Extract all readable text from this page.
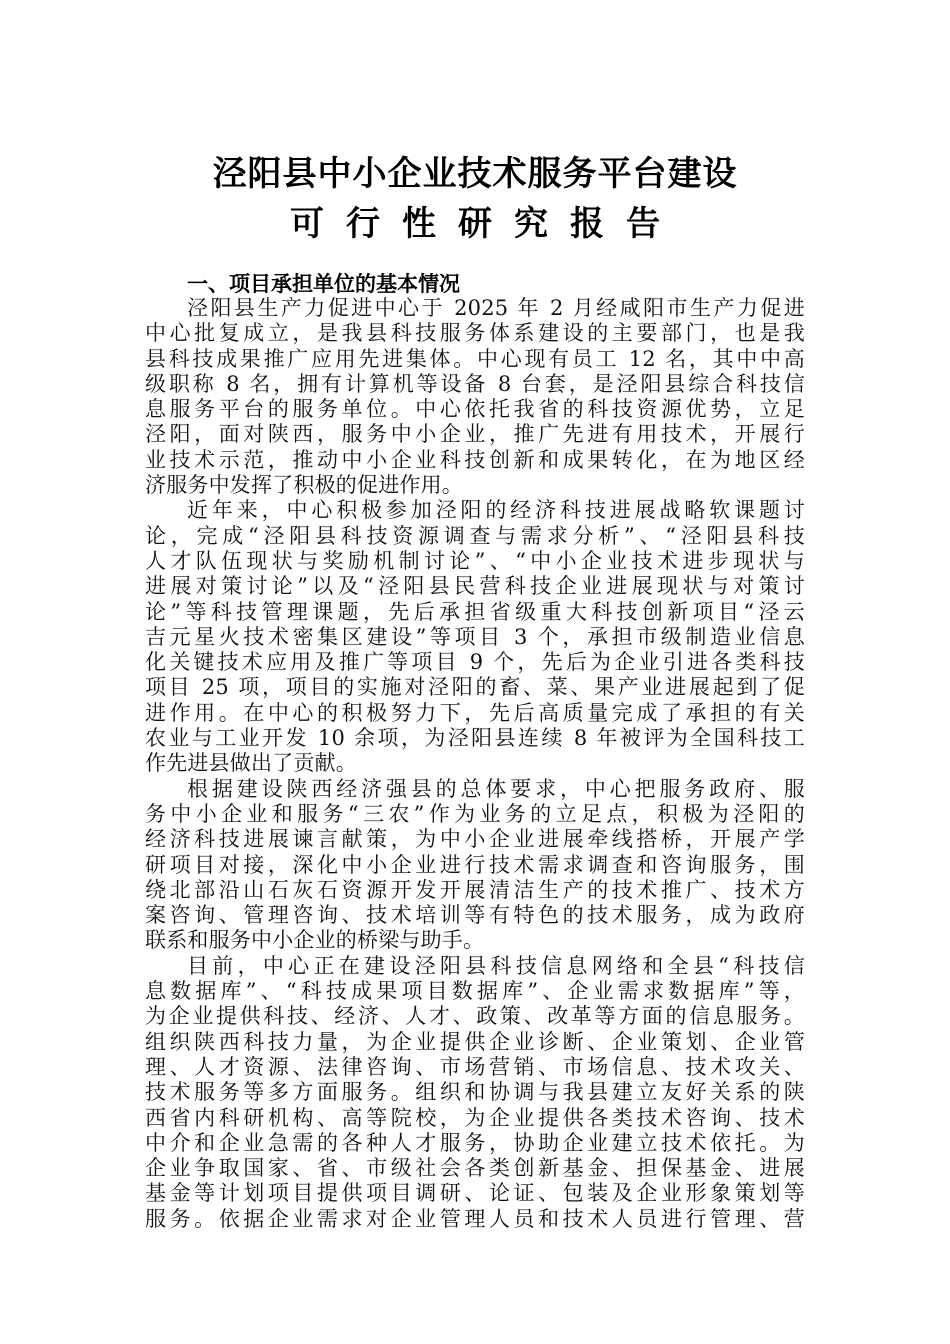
泾阳县中小企业技术服务平台建设
可行性研究报告
一、项目承担单位的基本情况
泾阳县生产力促进中心于 2025 年 2 月经咸阳市生产力促进
中心批复成立，是我县科技服务体系建设的主要部门，也是我
县科技成果推广应用先进集体。中心现有员工 12 名，其中中高
级职称 8 名，拥有计算机等设备 8 台套，是泾阳县综合科技信
息服务平台的服务单位。中心依托我省的科技资源优势，立足
泾阳，面对陕西，服务中小企业，推广先进有用技术，开展行
业技术示范，推动中小企业科技创新和成果转化，在为地区经
济服务中发挥了积极的促进作用。
近年来，中心积极参加泾阳的经济科技进展战略软课题讨
论，完成“泾阳县科技资源调查与需求分析”、“泾阳县科技
人才队伍现状与奖励机制讨论”、“中小企业技术进步现状与
进展对策讨论”以及“泾阳县民营科技企业进展现状与对策讨
论”等科技管理课题，先后承担省级重大科技创新项目“泾云
吉元星火技术密集区建设”等项目 3 个，承担市级制造业信息
化关键技术应用及推广等项目 9 个，先后为企业引进各类科技
项目 25 项，项目的实施对泾阳的畜、菜、果产业进展起到了促
进作用。在中心的积极努力下，先后高质量完成了承担的有关
农业与工业开发 10 余项，为泾阳县连续 8 年被评为全国科技工
作先进县做出了贡献。
根据建设陕西经济强县的总体要求，中心把服务政府、服
务中小企业和服务“三农”作为业务的立足点，积极为泾阳的
经济科技进展谏言献策，为中小企业进展牵线搭桥，开展产学
研项目对接，深化中小企业进行技术需求调查和咨询服务，围
绕北部沿山石灰石资源开发开展清洁生产的技术推广、技术方
案咨询、管理咨询、技术培训等有特色的技术服务，成为政府
联系和服务中小企业的桥梁与助手。
目前，中心正在建设泾阳县科技信息网络和全县“科技信
息数据库”、“科技成果项目数据库”、企业需求数据库”等，
为企业提供科技、经济、人才、政策、改革等方面的信息服务。
组织陕西科技力量，为企业提供企业诊断、企业策划、企业管
理、人才资源、法律咨询、市场营销、市场信息、技术攻关、
技术服务等多方面服务。组织和协调与我县建立友好关系的陕
西省内科研机构、高等院校，为企业提供各类技术咨询、技术
中介和企业急需的各种人才服务，协助企业建立技术依托。为
企业争取国家、省、市级社会各类创新基金、担保基金、进展
基金等计划项目提供项目调研、论证、包装及企业形象策划等
服务。依据企业需求对企业管理人员和技术人员进行管理、营
